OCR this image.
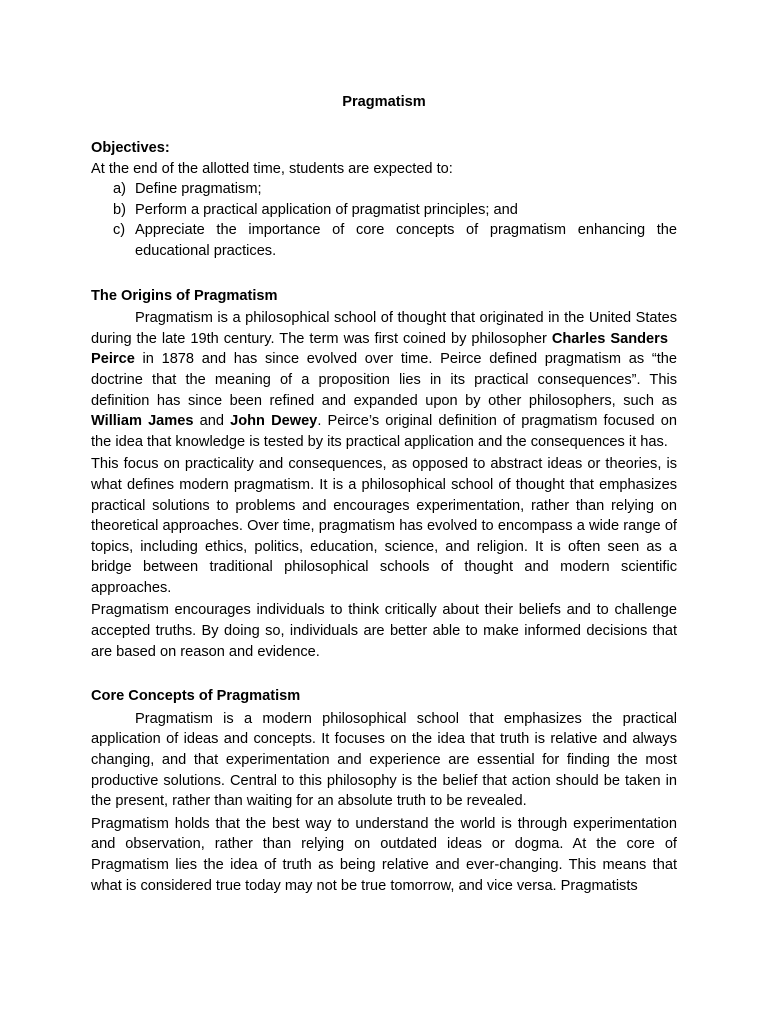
Pragmatism

Objectives:

At the end of the allotted time, students are expected to:

a) Define pragmatism;
b) Perform a practical application of pragmatist principles; and
c) Appreciate the importance of core concepts of pragmatism enhancing the educational practices.

The Origins of Pragmatism

Pragmatism is a philosophical school of thought that originated in the United States during the late 19th century. The term was first coined by philosopher Charles Sanders   Peirce in 1878 and has since evolved over time. Peirce defined pragmatism as “the doctrine that the meaning of a proposition lies in its practical consequences”. This definition has since been refined and expanded upon by other philosophers, such as William James and John Dewey. Peirce’s original definition of pragmatism focused on the idea that knowledge is tested by its practical application and the consequences it has.

This focus on practicality and consequences, as opposed to abstract ideas or theories, is what defines modern pragmatism. It is a philosophical school of thought that emphasizes practical solutions to problems and encourages experimentation, rather than relying on theoretical approaches. Over time, pragmatism has evolved to encompass a wide range of topics, including ethics, politics, education, science, and religion. It is often seen as a bridge between traditional philosophical schools of thought and modern scientific approaches.

Pragmatism encourages individuals to think critically about their beliefs and to challenge accepted truths. By doing so, individuals are better able to make informed decisions that are based on reason and evidence.

Core Concepts of Pragmatism

Pragmatism is a modern philosophical school that emphasizes the practical application of ideas and concepts. It focuses on the idea that truth is relative and always changing, and that experimentation and experience are essential for finding the most productive solutions. Central to this philosophy is the belief that action should be taken in the present, rather than waiting for an absolute truth to be revealed.

Pragmatism holds that the best way to understand the world is through experimentation and observation, rather than relying on outdated ideas or dogma. At the core of Pragmatism lies the idea of truth as being relative and ever-changing. This means that what is considered true today may not be true tomorrow, and vice versa. Pragmatists
